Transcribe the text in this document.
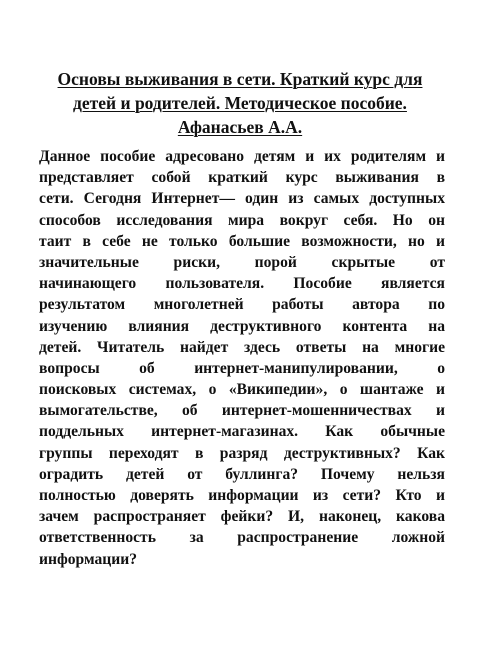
Основы выживания в сети. Краткий курс для
детей и родителей. Методическое пособие.
Афанасьев А.А.
Данное пособие адресовано детям и их родителям и
представляет собой краткий курс выживания в
сети. Сегодня Интернет— один из самых доступных
способов исследования мира вокруг себя. Но он
таит в себе не только большие возможности, но и
значительные риски, порой скрытые от
начинающего пользователя. Пособие является
результатом многолетней работы автора по
изучению влияния деструктивного контента на
детей. Читатель найдет здесь ответы на многие
вопросы об интернет-манипулировании, о
поисковых системах, о «Википедии», о шантаже и
вымогательстве, об интернет-мошенничествах и
поддельных интернет-магазинах. Как обычные
группы переходят в разряд деструктивных? Как
оградить детей от буллинга? Почему нельзя
полностью доверять информации из сети? Кто и
зачем распространяет фейки? И, наконец, какова
ответственность за распространение ложной
информации?
